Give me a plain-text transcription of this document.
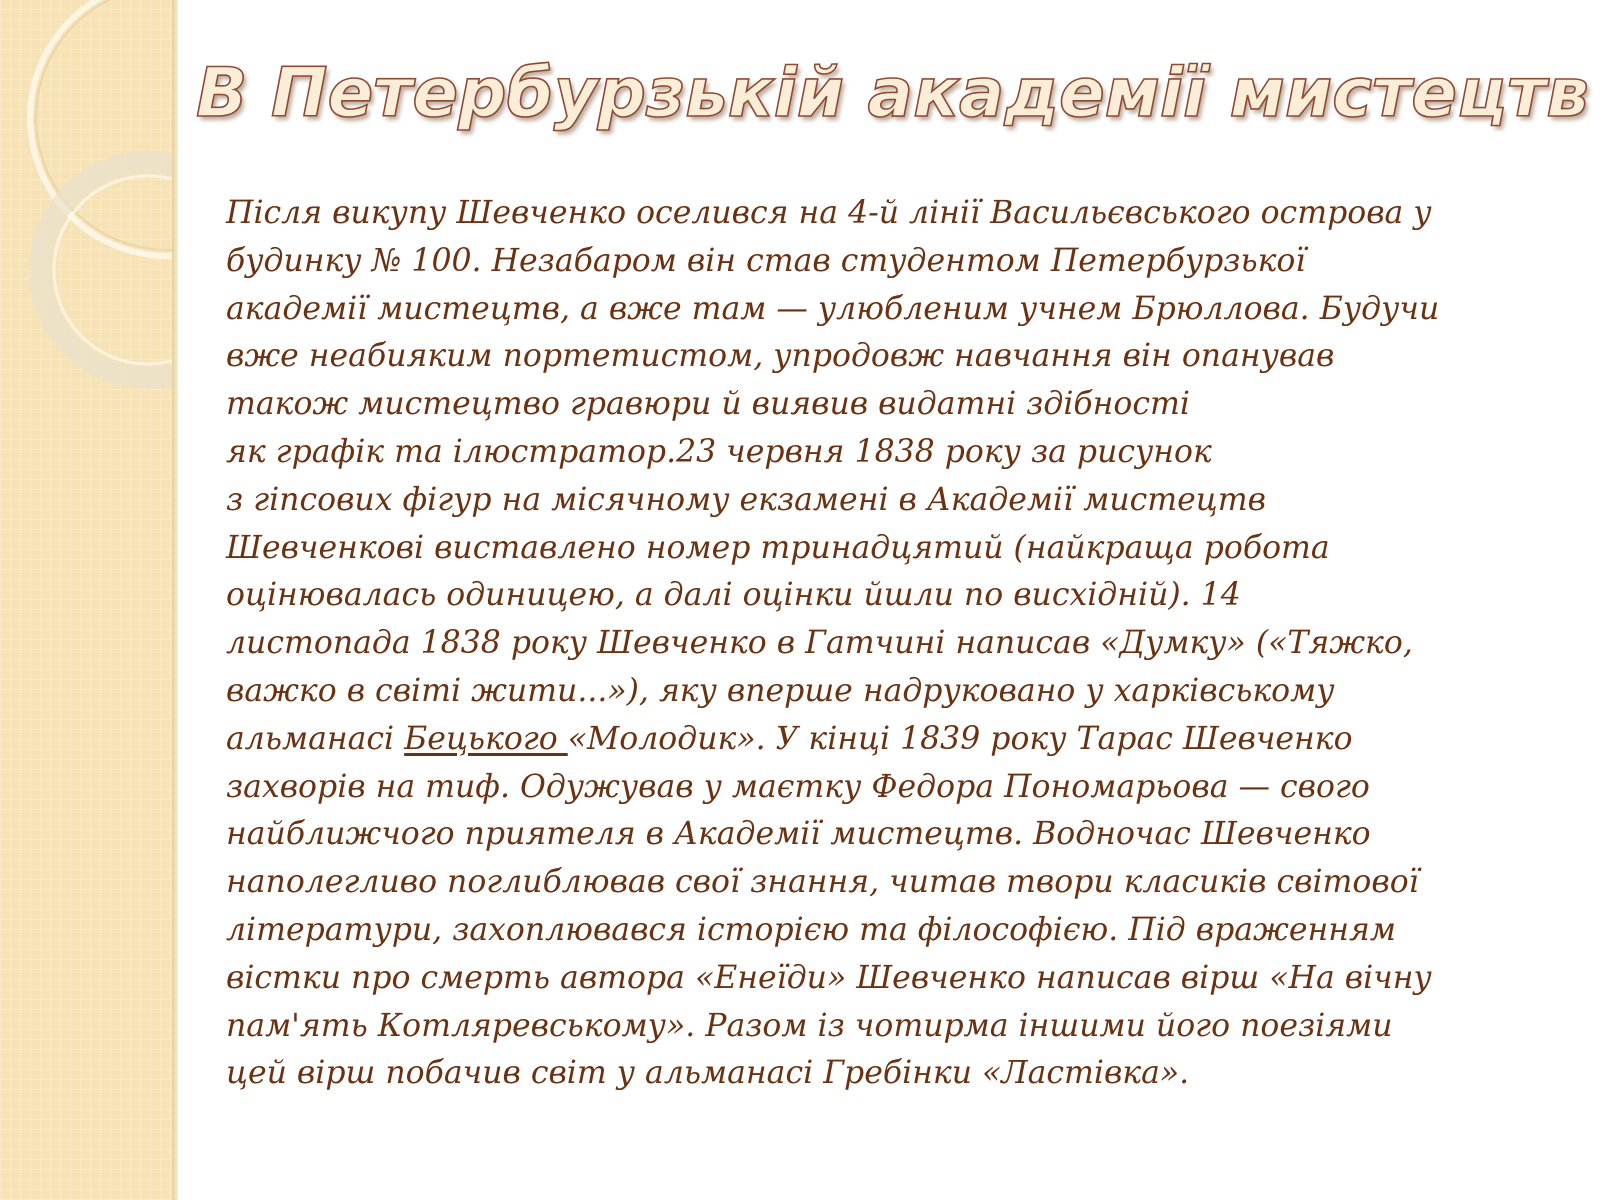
В Петербурзькій академії мистецтв
Після викупу Шевченко оселився на 4-й лінії Васильєвського острова у
будинку № 100. Незабаром він став студентом Петербурзької
академії мистецтв, а вже там — улюбленим учнем Брюллова. Будучи
вже неабияким портетистом, упродовж навчання він опанував
також мистецтво гравюри й виявив видатні здібності
як графік та ілюстратор.23 червня 1838 року за рисунок
з гіпсових фігур на місячному екзамені в Академії мистецтв
Шевченкові виставлено номер тринадцятий (найкраща робота
оцінювалась одиницею, а далі оцінки йшли по висхідній). 14
листопада 1838 року Шевченко в Гатчині написав «Думку» («Тяжко,
важко в світі жити...»), яку вперше надруковано у харківському
альманасі Бецького «Молодик». У кінці 1839 року Тарас Шевченко
захворів на тиф. Одужував у маєтку Федора Пономарьова — свого
найближчого приятеля в Академії мистецтв. Водночас Шевченко
наполегливо поглиблював свої знання, читав твори класиків світової
літератури, захоплювався історією та філософією. Під враженням
вістки про смерть автора «Енеїди» Шевченко написав вірш «На вічну
пам'ять Котляревському». Разом із чотирма іншими його поезіями
цей вірш побачив світ у альманасі Гребінки «Ластівка».
